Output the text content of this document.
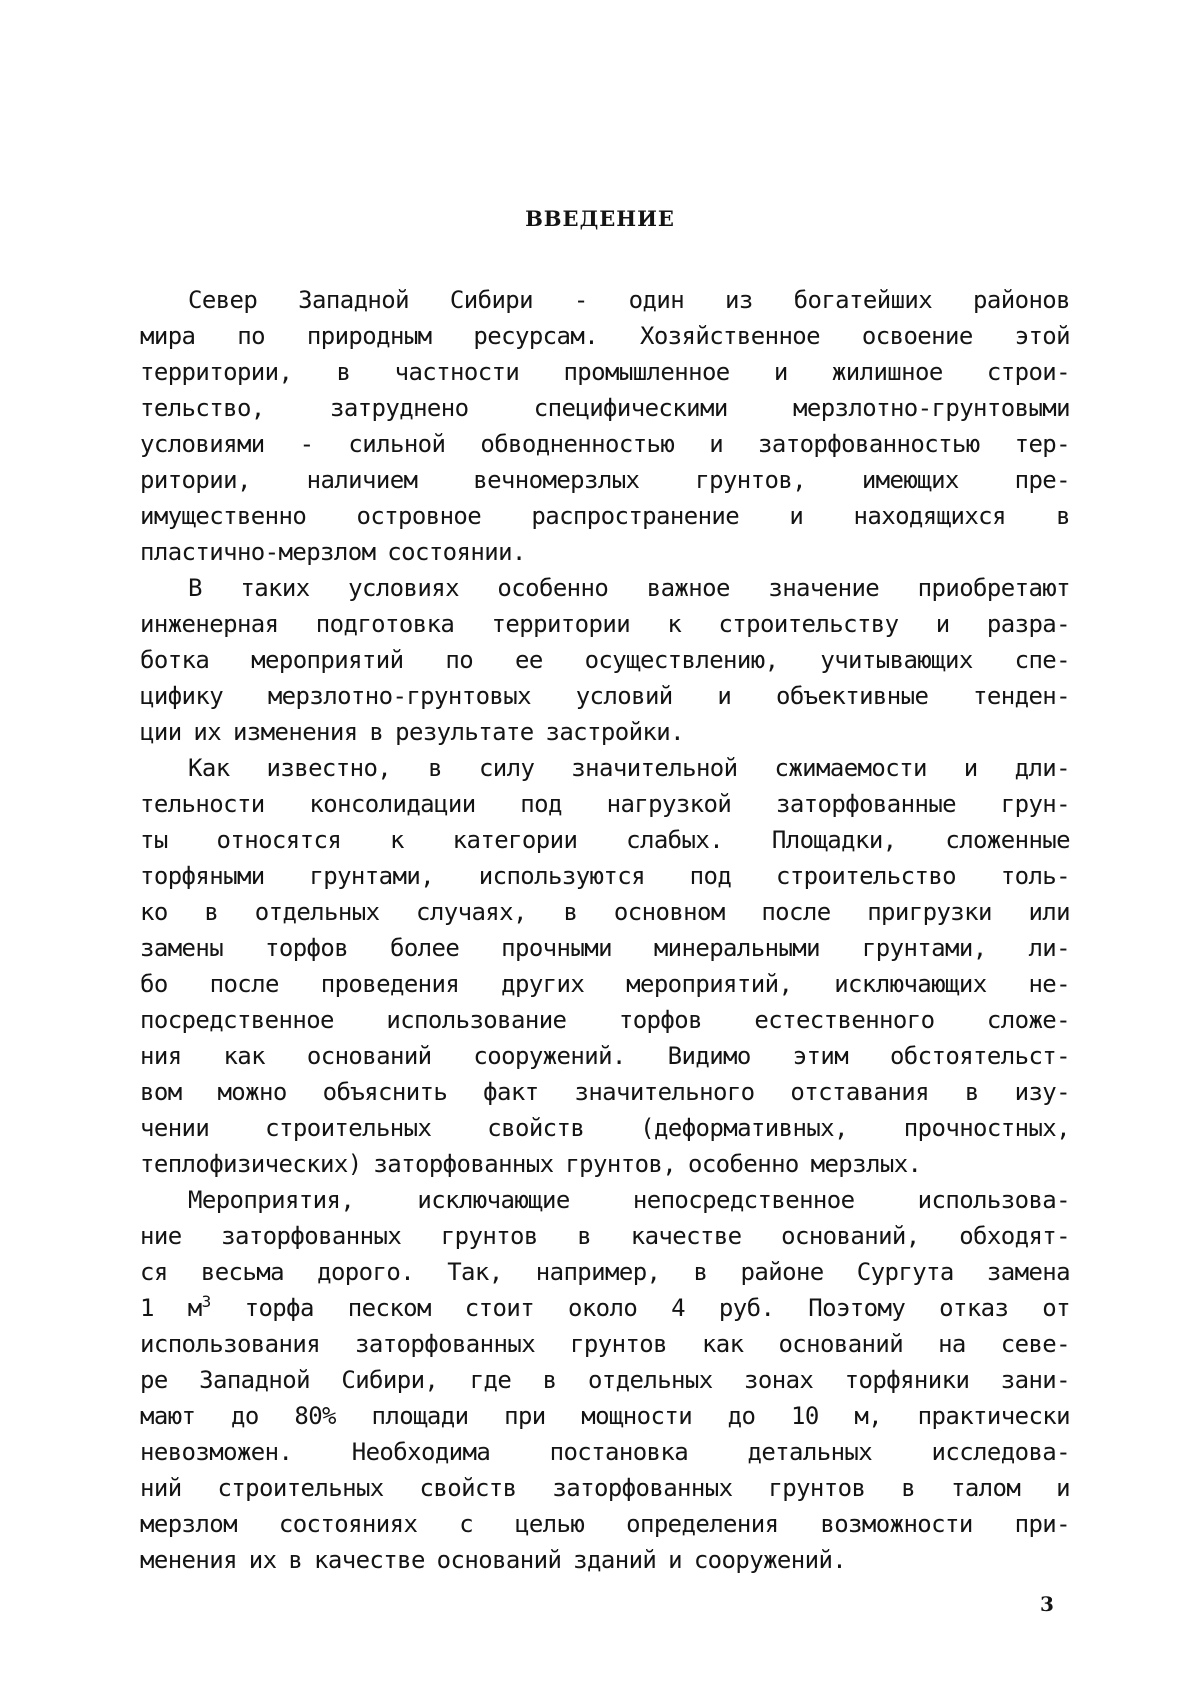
ВВЕДЕНИЕ
Север Западной Сибири - один из богатейших районов
мира по природным ресурсам. Хозяйственное освоение этой
территории, в частности промышленное и жилишное строи-
тельство, затруднено специфическими мерзлотно-грунтовыми
условиями - сильной обводненностью и заторфованностью тер-
ритории, наличием вечномерзлых грунтов, имеющих пре-
имущественно островное распространение и находящихся в
пластично-мерзлом состоянии.
В таких условиях особенно важное значение приобретают
инженерная подготовка территории к строительству и разра-
ботка мероприятий по ее осуществлению, учитывающих спе-
цифику мерзлотно-грунтовых условий и объективные тенден-
ции их изменения в результате застройки.
Как известно, в силу значительной сжимаемости и дли-
тельности консолидации под нагрузкой заторфованные грун-
ты относятся к категории слабых. Площадки, сложенные
торфяными грунтами, используются под строительство толь-
ко в отдельных случаях, в основном после пригрузки или
замены торфов более прочными минеральными грунтами, ли-
бо после проведения других мероприятий, исключающих не-
посредственное использование торфов естественного сложе-
ния как оснований сооружений. Видимо этим обстоятельст-
вом можно объяснить факт значительного отставания в изу-
чении строительных свойств (деформативных, прочностных,
теплофизических) заторфованных грунтов, особенно мерзлых.
Мероприятия, исключающие непосредственное использова-
ние заторфованных грунтов в качестве оснований, обходят-
ся весьма дорого. Так, например, в районе Сургута замена
1 $м^3$ торфа песком стоит около 4 руб. Поэтому отказ от
использования заторфованных грунтов как оснований на севе-
ре Западной Сибири, где в отдельных зонах торфяники зани-
мают до 80% площади при мощности до 10 м, практически
невозможен. Необходима постановка детальных исследова-
ний строительных свойств заторфованных грунтов в талом и
мерзлом состояниях с целью определения возможности при-
менения их в качестве оснований зданий и сооружений.
3
